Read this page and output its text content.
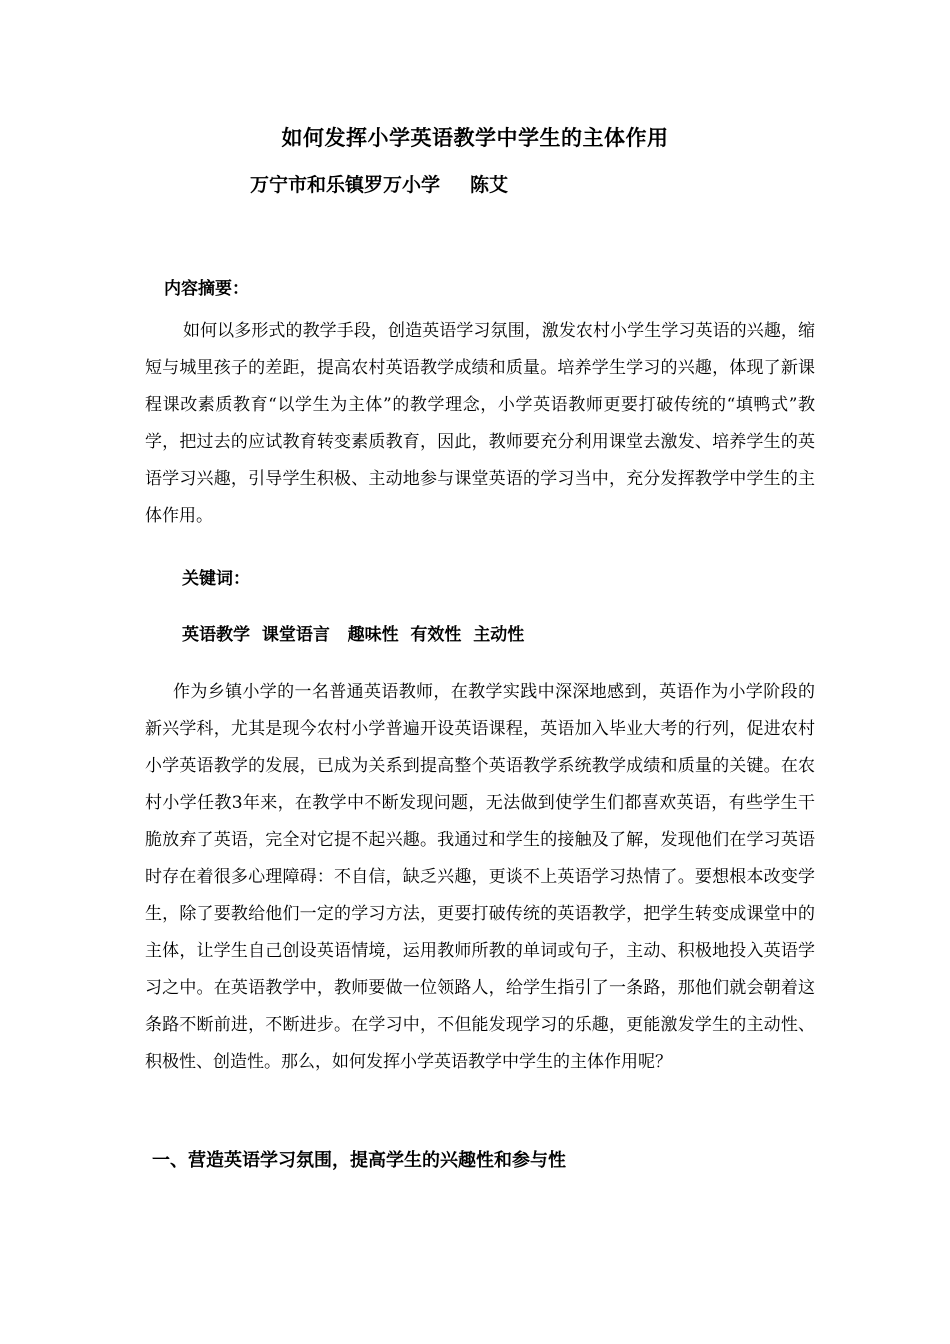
如何发挥小学英语教学中学生的主体作用
万宁市和乐镇罗万小学 陈艾
内容摘要：
如何以多形式的教学手段，创造英语学习氛围，激发农村小学生学习英语的兴趣，缩短与城里孩子的差距，提高农村英语教学成绩和质量。培养学生学习的兴趣，体现了新课程课改素质教育“以学生为主体”的教学理念，小学英语教师更要打破传统的“填鸭式”教学，把过去的应试教育转变素质教育，因此，教师要充分利用课堂去激发、培养学生的英语学习兴趣，引导学生积极、主动地参与课堂英语的学习当中，充分发挥教学中学生的主体作用。
关键词：
英语教学  课堂语言   趣味性  有效性  主动性
作为乡镇小学的一名普通英语教师，在教学实践中深深地感到，英语作为小学阶段的新兴学科，尤其是现今农村小学普遍开设英语课程，英语加入毕业大考的行列，促进农村小学英语教学的发展，已成为关系到提高整个英语教学系统教学成绩和质量的关键。在农村小学任教3年来，在教学中不断发现问题，无法做到使学生们都喜欢英语，有些学生干脆放弃了英语，完全对它提不起兴趣。我通过和学生的接触及了解，发现他们在学习英语时存在着很多心理障碍：不自信，缺乏兴趣，更谈不上英语学习热情了。要想根本改变学生，除了要教给他们一定的学习方法，更要打破传统的英语教学，把学生转变成课堂中的主体，让学生自己创设英语情境，运用教师所教的单词或句子，主动、积极地投入英语学习之中。在英语教学中，教师要做一位领路人，给学生指引了一条路，那他们就会朝着这条路不断前进，不断进步。在学习中，不但能发现学习的乐趣，更能激发学生的主动性、积极性、创造性。那么，如何发挥小学英语教学中学生的主体作用呢？
一、营造英语学习氛围，提高学生的兴趣性和参与性
